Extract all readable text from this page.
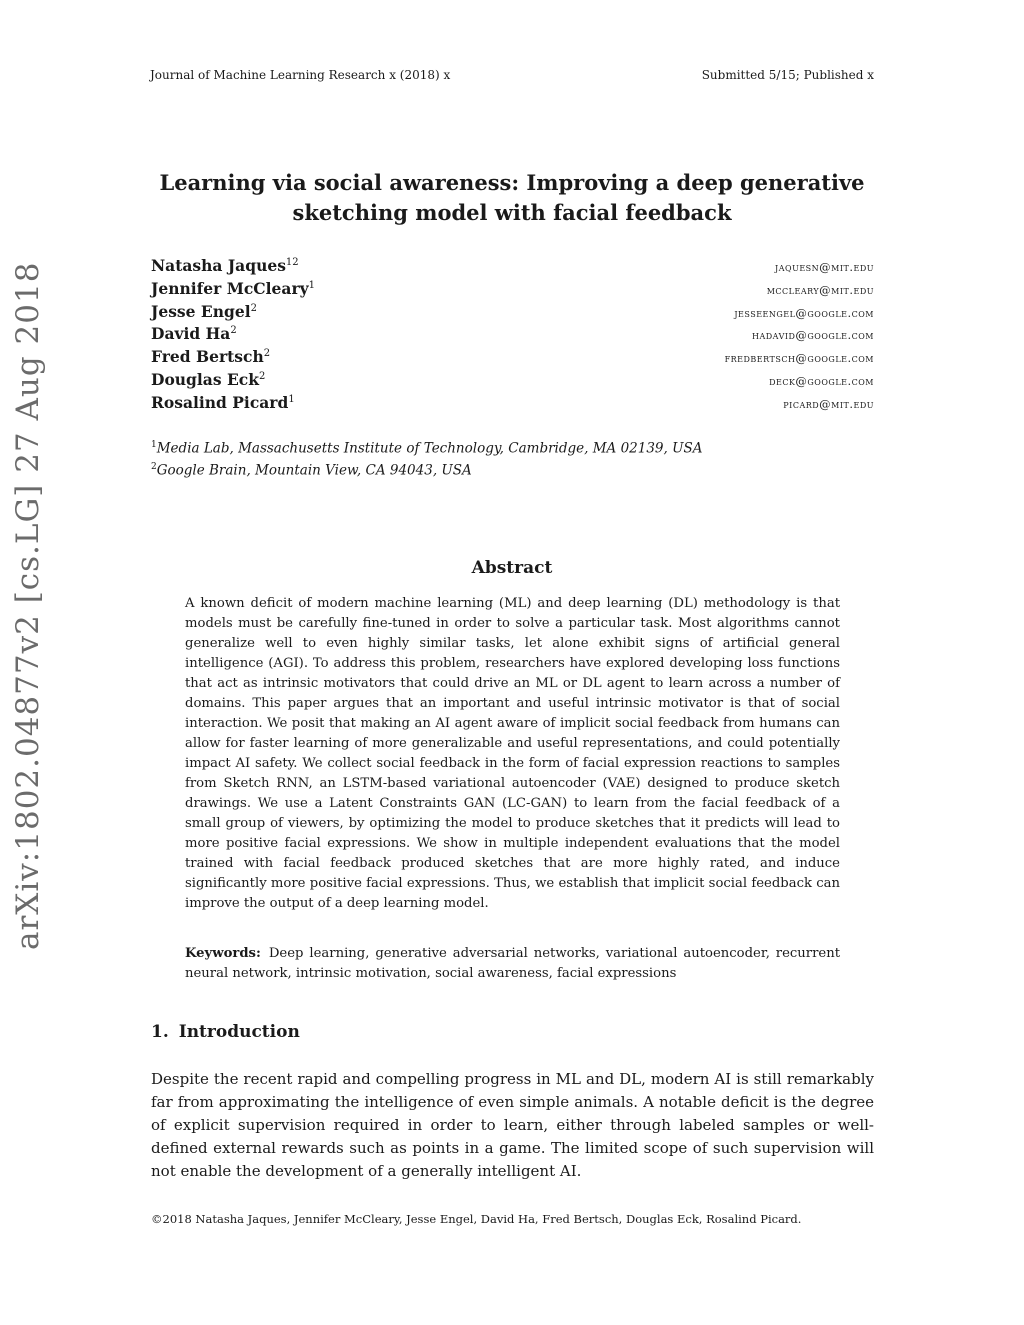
Journal of Machine Learning Research x (2018) x	Submitted 5/15; Published x
arXiv:1802.04877v2 [cs.LG] 27 Aug 2018
Learning via social awareness: Improving a deep generative
sketching model with facial feedback
Natasha Jaques$^{12}$	jaquesn@mit.edu
Jennifer McCleary$^1$	mccleary@mit.edu
Jesse Engel$^2$	jesseengel@google.com
David Ha$^2$	hadavid@google.com
Fred Bertsch$^2$	fredbertsch@google.com
Douglas Eck$^2$	deck@google.com
Rosalind Picard$^1$	picard@mit.edu
$^1$Media Lab, Massachusetts Institute of Technology, Cambridge, MA 02139, USA
$^2$Google Brain, Mountain View, CA 94043, USA
Abstract
A known deficit of modern machine learning (ML) and deep learning (DL) methodology is that models must be carefully fine-tuned in order to solve a particular task. Most algorithms cannot generalize well to even highly similar tasks, let alone exhibit signs of artificial general intelligence (AGI). To address this problem, researchers have explored developing loss functions that act as intrinsic motivators that could drive an ML or DL agent to learn across a number of domains. This paper argues that an important and useful intrinsic motivator is that of social interaction. We posit that making an AI agent aware of implicit social feedback from humans can allow for faster learning of more generalizable and useful representations, and could potentially impact AI safety. We collect social feedback in the form of facial expression reactions to samples from Sketch RNN, an LSTM-based variational autoencoder (VAE) designed to produce sketch drawings. We use a Latent Constraints GAN (LC-GAN) to learn from the facial feedback of a small group of viewers, by optimizing the model to produce sketches that it predicts will lead to more positive facial expressions. We show in multiple independent evaluations that the model trained with facial feedback produced sketches that are more highly rated, and induce significantly more positive facial expressions. Thus, we establish that implicit social feedback can improve the output of a deep learning model.
Keywords: Deep learning, generative adversarial networks, variational autoencoder, recurrent neural network, intrinsic motivation, social awareness, facial expressions
1. Introduction
Despite the recent rapid and compelling progress in ML and DL, modern AI is still remarkably far from approximating the intelligence of even simple animals. A notable deficit is the degree of explicit supervision required in order to learn, either through labeled samples or well-defined external rewards such as points in a game. The limited scope of such supervision will not enable the development of a generally intelligent AI.
©2018 Natasha Jaques, Jennifer McCleary, Jesse Engel, David Ha, Fred Bertsch, Douglas Eck, Rosalind Picard.
